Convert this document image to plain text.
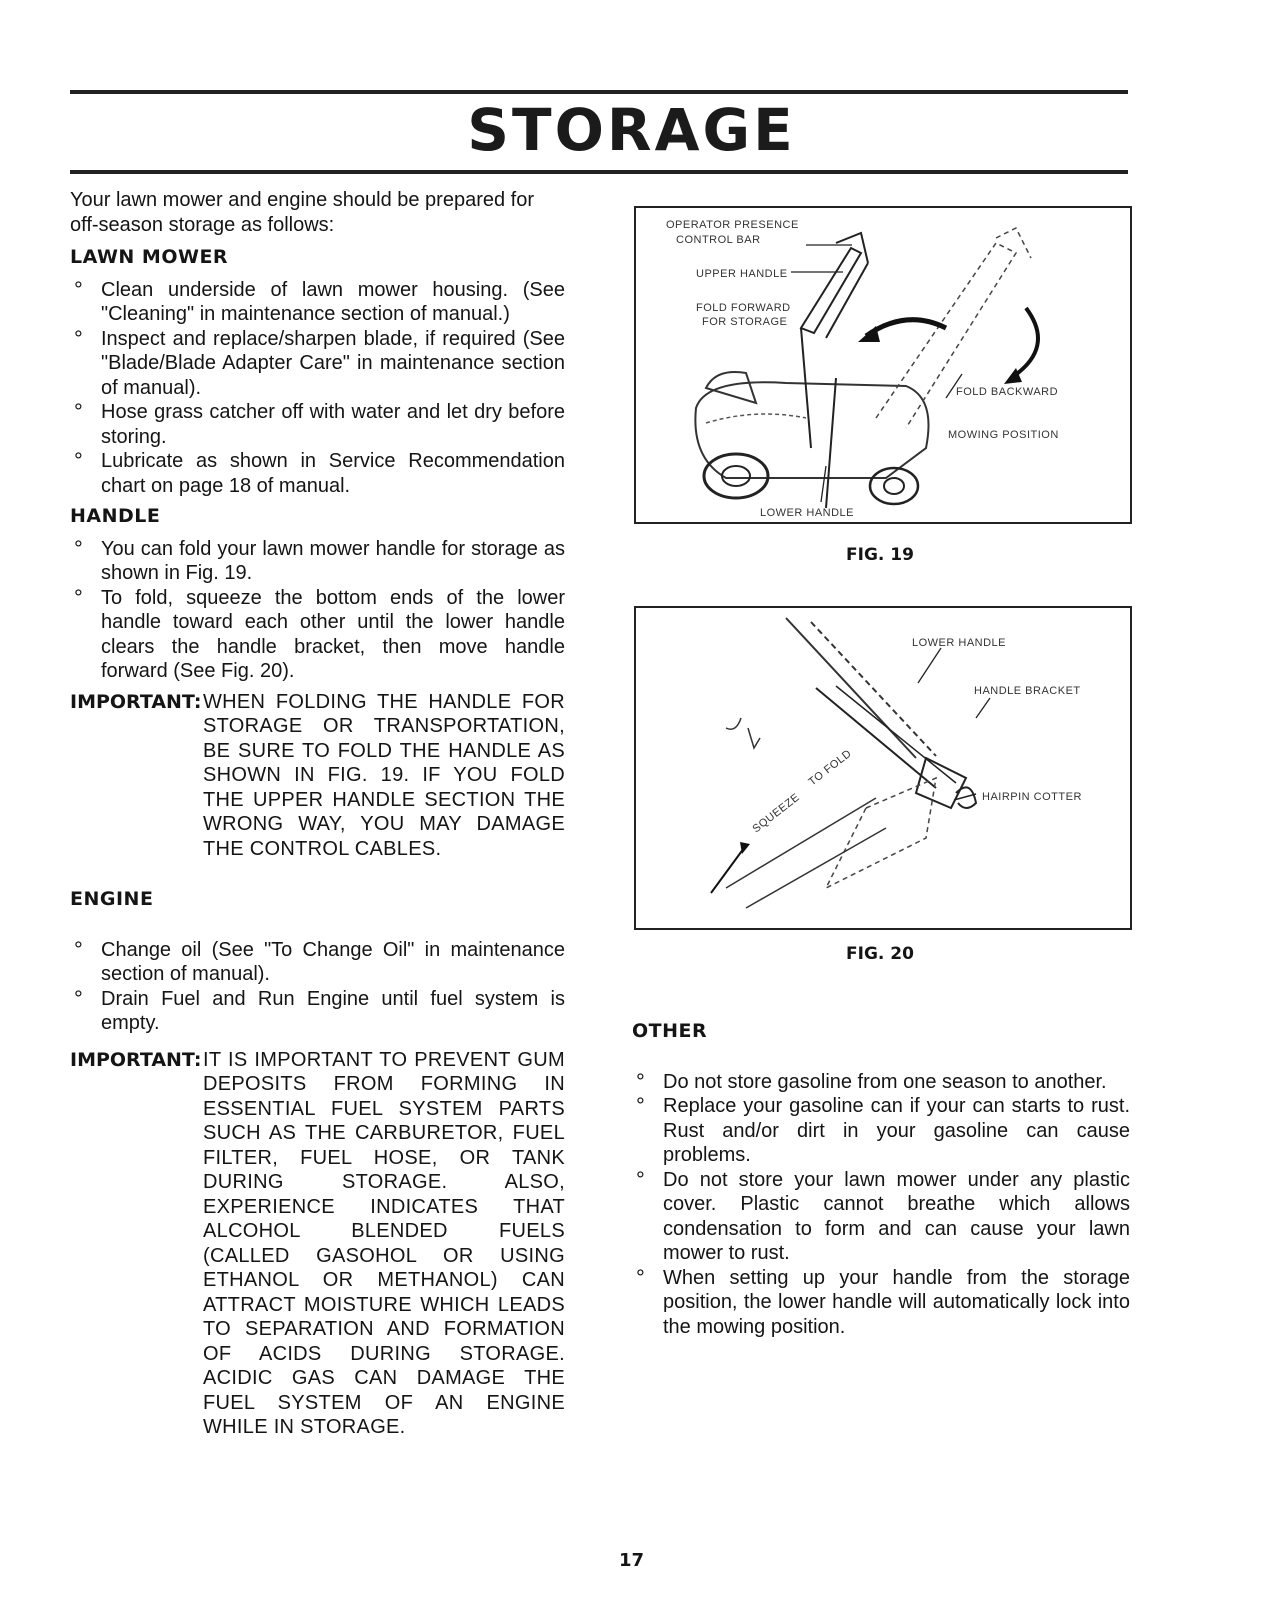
STORAGE

Your lawn mower and engine should be prepared for off-season storage as follows:

LAWN MOWER
° Clean underside of lawn mower housing. (See "Cleaning" in maintenance section of manual.)
° Inspect and replace/sharpen blade, if required (See "Blade/Blade Adapter Care" in maintenance section of manual).
° Hose grass catcher off with water and let dry before storing.
° Lubricate as shown in Service Recommendation chart on page 18 of manual.
HANDLE
° You can fold your lawn mower handle for storage as shown in Fig. 19.
° To fold, squeeze the bottom ends of the lower handle toward each other until the lower handle clears the handle bracket, then move handle forward (See Fig. 20).
IMPORTANT: WHEN FOLDING THE HANDLE FOR STORAGE OR TRANSPORTATION, BE SURE TO FOLD THE HANDLE AS SHOWN IN FIG. 19. IF YOU FOLD THE UPPER HANDLE SECTION THE WRONG WAY, YOU MAY DAMAGE THE CONTROL CABLES.
ENGINE
° Change oil (See "To Change Oil" in maintenance section of manual).
° Drain Fuel and Run Engine until fuel system is empty.
IMPORTANT: IT IS IMPORTANT TO PREVENT GUM DEPOSITS FROM FORMING IN ESSENTIAL FUEL SYSTEM PARTS SUCH AS THE CARBURETOR, FUEL FILTER, FUEL HOSE, OR TANK DURING STORAGE. ALSO, EXPERIENCE INDICATES THAT ALCOHOL BLENDED FUELS (CALLED GASOHOL OR USING ETHANOL OR METHANOL) CAN ATTRACT MOISTURE WHICH LEADS TO SEPARATION AND FORMATION OF ACIDS DURING STORAGE. ACIDIC GAS CAN DAMAGE THE FUEL SYSTEM OF AN ENGINE WHILE IN STORAGE.
OPERATOR PRESENCE
CONTROL BAR
UPPER HANDLE
FOLD FORWARD
FOR STORAGE
FOLD BACKWARD
MOWING POSITION
LOWER HANDLE
FIG. 19
SQUEEZE
TO FOLD
LOWER HANDLE
HANDLE BRACKET
HAIRPIN COTTER
FIG. 20
OTHER
° Do not store gasoline from one season to another.
° Replace your gasoline can if your can starts to rust. Rust and/or dirt in your gasoline can cause problems.
° Do not store your lawn mower under any plastic cover. Plastic cannot breathe which allows condensation to form and can cause your lawn mower to rust.
° When setting up your handle from the storage position, the lower handle will automatically lock into the mowing position.
17
